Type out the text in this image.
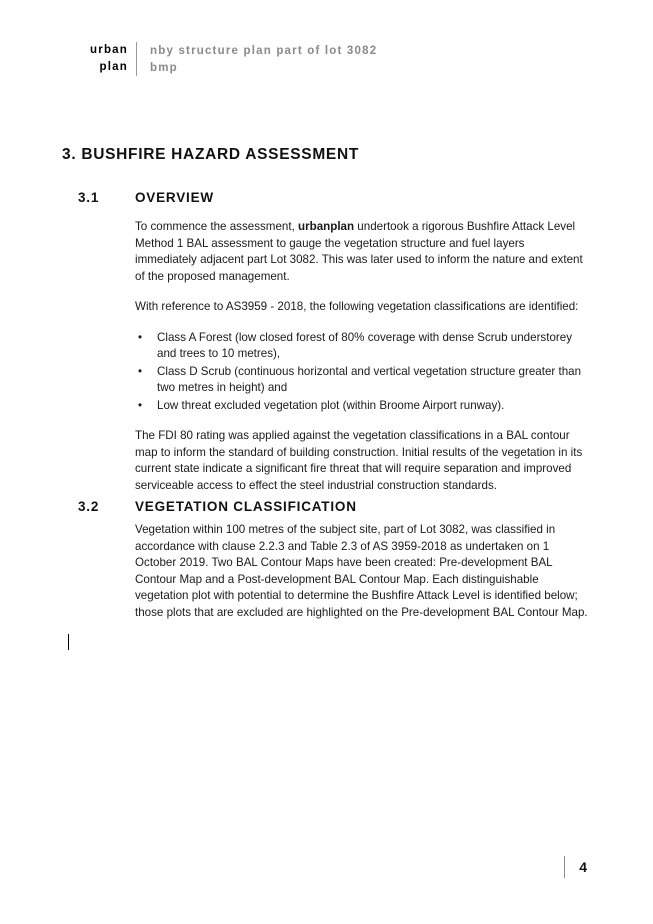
urban
plan
nby structure plan part of lot 3082
bmp
3. BUSHFIRE HAZARD ASSESSMENT
3.1	OVERVIEW

To commence the assessment, urbanplan undertook a rigorous Bushfire Attack Level Method 1 BAL assessment to gauge the vegetation structure and fuel layers immediately adjacent part Lot 3082. This was later used to inform the nature and extent of the proposed management.

With reference to AS3959 - 2018, the following vegetation classifications are identified:

• Class A Forest (low closed forest of 80% coverage with dense Scrub understorey and trees to 10 metres),
• Class D Scrub (continuous horizontal and vertical vegetation structure greater than two metres in height) and
• Low threat excluded vegetation plot (within Broome Airport runway).

The FDI 80 rating was applied against the vegetation classifications in a BAL contour map to inform the standard of building construction. Initial results of the vegetation in its current state indicate a significant fire threat that will require separation and improved serviceable access to effect the steel industrial construction standards.

3.2	VEGETATION CLASSIFICATION

Vegetation within 100 metres of the subject site, part of Lot 3082, was classified in accordance with clause 2.2.3 and Table 2.3 of AS 3959-2018 as undertaken on 1 October 2019. Two BAL Contour Maps have been created: Pre-development BAL Contour Map and a Post-development BAL Contour Map. Each distinguishable vegetation plot with potential to determine the Bushfire Attack Level is identified below; those plots that are excluded are highlighted on the Pre-development BAL Contour Map.

4
